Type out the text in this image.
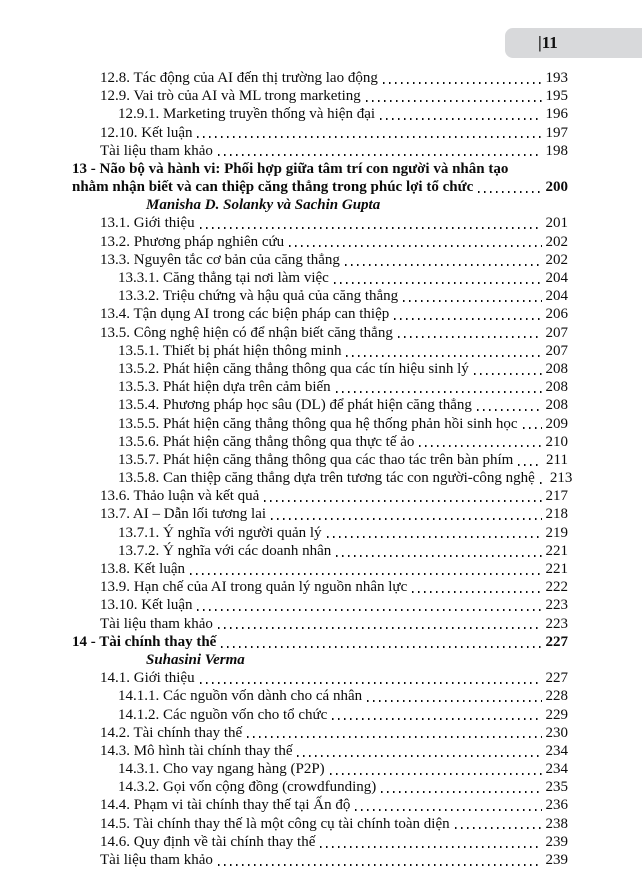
|11
12.8. Tác động của AI đến thị trường lao động	193
12.9. Vai trò của AI và ML trong marketing	195
12.9.1. Marketing truyền thống và hiện đại	196
12.10. Kết luận	197
Tài liệu tham khảo	198
13 - Não bộ và hành vi: Phối hợp giữa tâm trí con người và nhân tạo
nhằm nhận biết và can thiệp căng thẳng trong phúc lợi tổ chức	200
Manisha D. Solanky và Sachin Gupta
13.1. Giới thiệu	201
13.2. Phương pháp nghiên cứu	202
13.3. Nguyên tắc cơ bản của căng thẳng	202
13.3.1. Căng thẳng tại nơi làm việc	204
13.3.2. Triệu chứng và hậu quả của căng thẳng	204
13.4. Tận dụng AI trong các biện pháp can thiệp	206
13.5. Công nghệ hiện có để nhận biết căng thẳng	207
13.5.1. Thiết bị phát hiện thông minh	207
13.5.2. Phát hiện căng thẳng thông qua các tín hiệu sinh lý	208
13.5.3. Phát hiện dựa trên cảm biến	208
13.5.4. Phương pháp học sâu (DL) để phát hiện căng thẳng	208
13.5.5. Phát hiện căng thẳng thông qua hệ thống phản hồi sinh học 209
13.5.6. Phát hiện căng thẳng thông qua thực tế ảo	210
13.5.7. Phát hiện căng thẳng thông qua các thao tác trên bàn phím 211
13.5.8. Can thiệp căng thẳng dựa trên tương tác con người-công nghệ 213
13.6. Thảo luận và kết quả	217
13.7. AI – Dẫn lối tương lai	218
13.7.1. Ý nghĩa với người quản lý	219
13.7.2. Ý nghĩa với các doanh nhân	221
13.8. Kết luận	221
13.9. Hạn chế của AI trong quản lý nguồn nhân lực	222
13.10. Kết luận	223
Tài liệu tham khảo	223
14 - Tài chính thay thế	227
Suhasini Verma
14.1. Giới thiệu	227
14.1.1. Các nguồn vốn dành cho cá nhân	228
14.1.2. Các nguồn vốn cho tổ chức	229
14.2. Tài chính thay thế	230
14.3. Mô hình tài chính thay thế	234
14.3.1. Cho vay ngang hàng (P2P)	234
14.3.2. Gọi vốn cộng đồng (crowdfunding)	235
14.4. Phạm vi tài chính thay thế tại Ấn độ	236
14.5. Tài chính thay thế là một công cụ tài chính toàn diện	238
14.6. Quy định về tài chính thay thế	239
Tài liệu tham khảo	239
